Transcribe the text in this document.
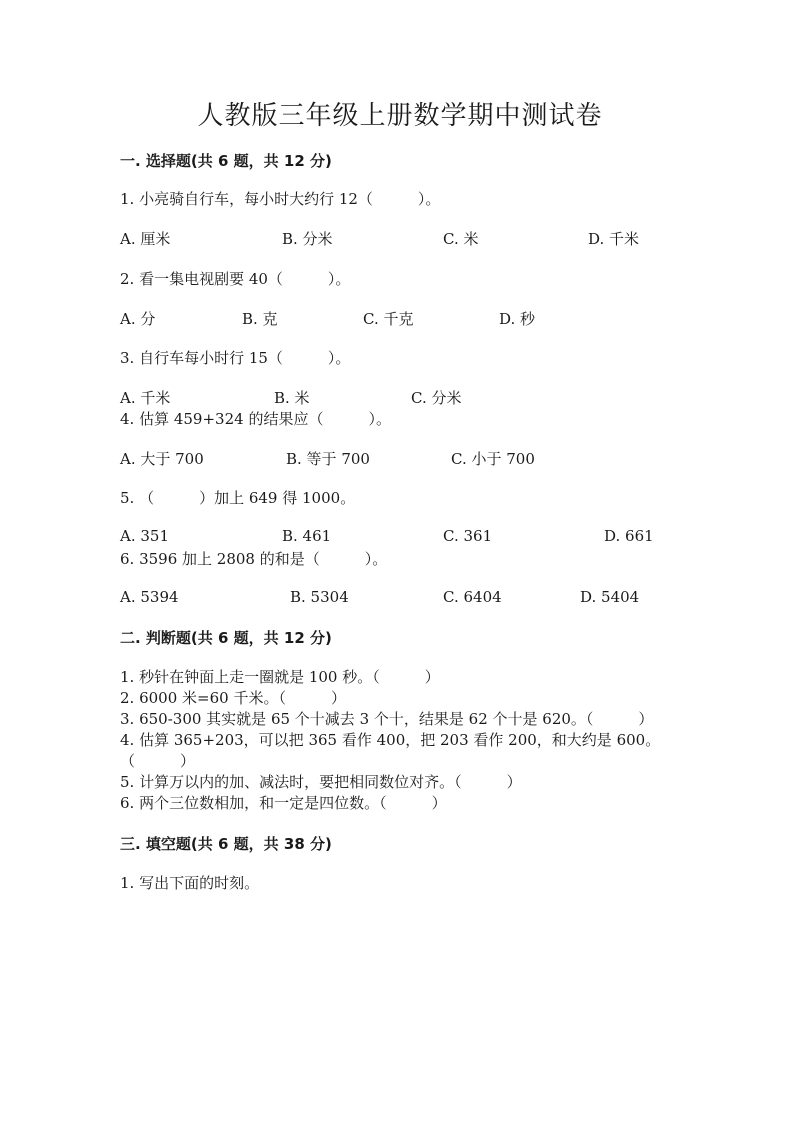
人教版三年级上册数学期中测试卷
一. 选择题(共 6 题，共 12 分)
1. 小亮骑自行车，每小时大约行 12（　　　）。
A. 厘米	B. 分米	C. 米	D. 千米
2. 看一集电视剧要 40（　　　）。
A. 分	B. 克	C. 千克	D. 秒
3. 自行车每小时行 15（　　　）。
A. 千米	B. 米	C. 分米
4. 估算 459+324 的结果应（　　　）。
A. 大于 700	B. 等于 700	C. 小于 700
5. （　　　）加上 649 得 1000。
A. 351	B. 461	C. 361	D. 661
6. 3596 加上 2808 的和是（　　　）。
A. 5394	B. 5304	C. 6404	D. 5404
二. 判断题(共 6 题，共 12 分)
1. 秒针在钟面上走一圈就是 100 秒。（　　　）
2. 6000 米=60 千米。（　　　）
3. 650-300 其实就是 65 个十减去 3 个十，结果是 62 个十是 620。（　　　）
4. 估算 365+203，可以把 365 看作 400，把 203 看作 200，和大约是 600。
（　　　）
5. 计算万以内的加、减法时，要把相同数位对齐。（　　　）
6. 两个三位数相加，和一定是四位数。（　　　）
三. 填空题(共 6 题，共 38 分)
1. 写出下面的时刻。
